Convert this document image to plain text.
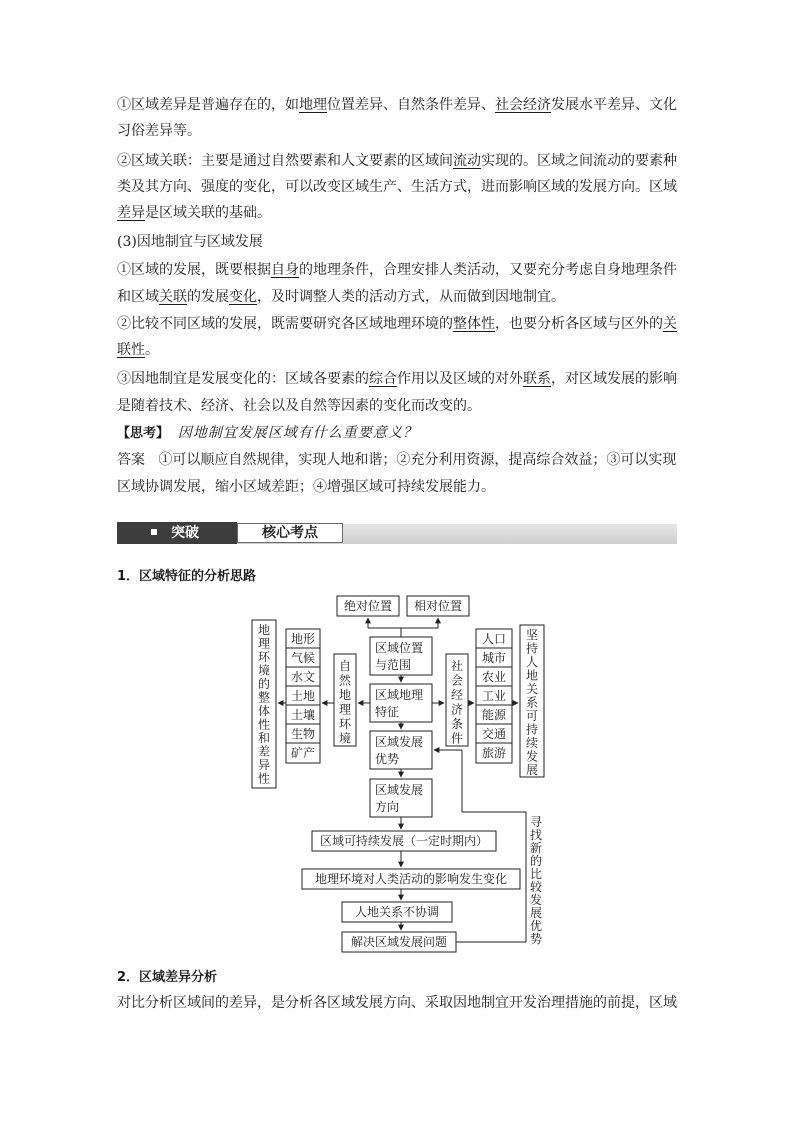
①区域差异是普遍存在的，如地理位置差异、自然条件差异、社会经济发展水平差异、文化

习俗差异等。

②区域关联：主要是通过自然要素和人文要素的区域间流动实现的。区域之间流动的要素种

类及其方向、强度的变化，可以改变区域生产、生活方式，进而影响区域的发展方向。区域

差异是区域关联的基础。

(3)因地制宜与区域发展

①区域的发展，既要根据自身的地理条件，合理安排人类活动，又要充分考虑自身地理条件

和区域关联的发展变化，及时调整人类的活动方式，从而做到因地制宜。

②比较不同区域的发展，既需要研究各区域地理环境的整体性，也要分析各区域与区外的关

联性。

③因地制宜是发展变化的：区域各要素的综合作用以及区域的对外联系，对区域发展的影响

是随着技术、经济、社会以及自然等因素的变化而改变的。

【思考】 因地制宜发展区域有什么重要意义？

答案 ①可以顺应自然规律，实现人地和谐；②充分利用资源，提高综合效益；③可以实现

区域协调发展，缩小区域差距；④增强区域可持续发展能力。

突破	核心考点
1．区域特征的分析思路
绝对位置 相对位置
区域位置
与范围
区域地理
特征
区域发展
优势
区域发展
方向
区域可持续发展（一定时期内）
地理环境对人类活动的影响发生变化
人地关系不协调
解决区域发展问题
地形
气候
水文
土地
土壤
生物
矿产
人口
城市
农业
工业
能源
交通
旅游
自
然
地
理
环
境
社
会
经
济
条
件
地
理
环
境
的
整
体
性
和
差
异
性
坚
持
人
地
关
系
可
持
续
发
展
寻
找
新
的
比
较
发
展
优
势
2．区域差异分析

对比分析区域间的差异，是分析各区域发展方向、采取因地制宜开发治理措施的前提，区域
